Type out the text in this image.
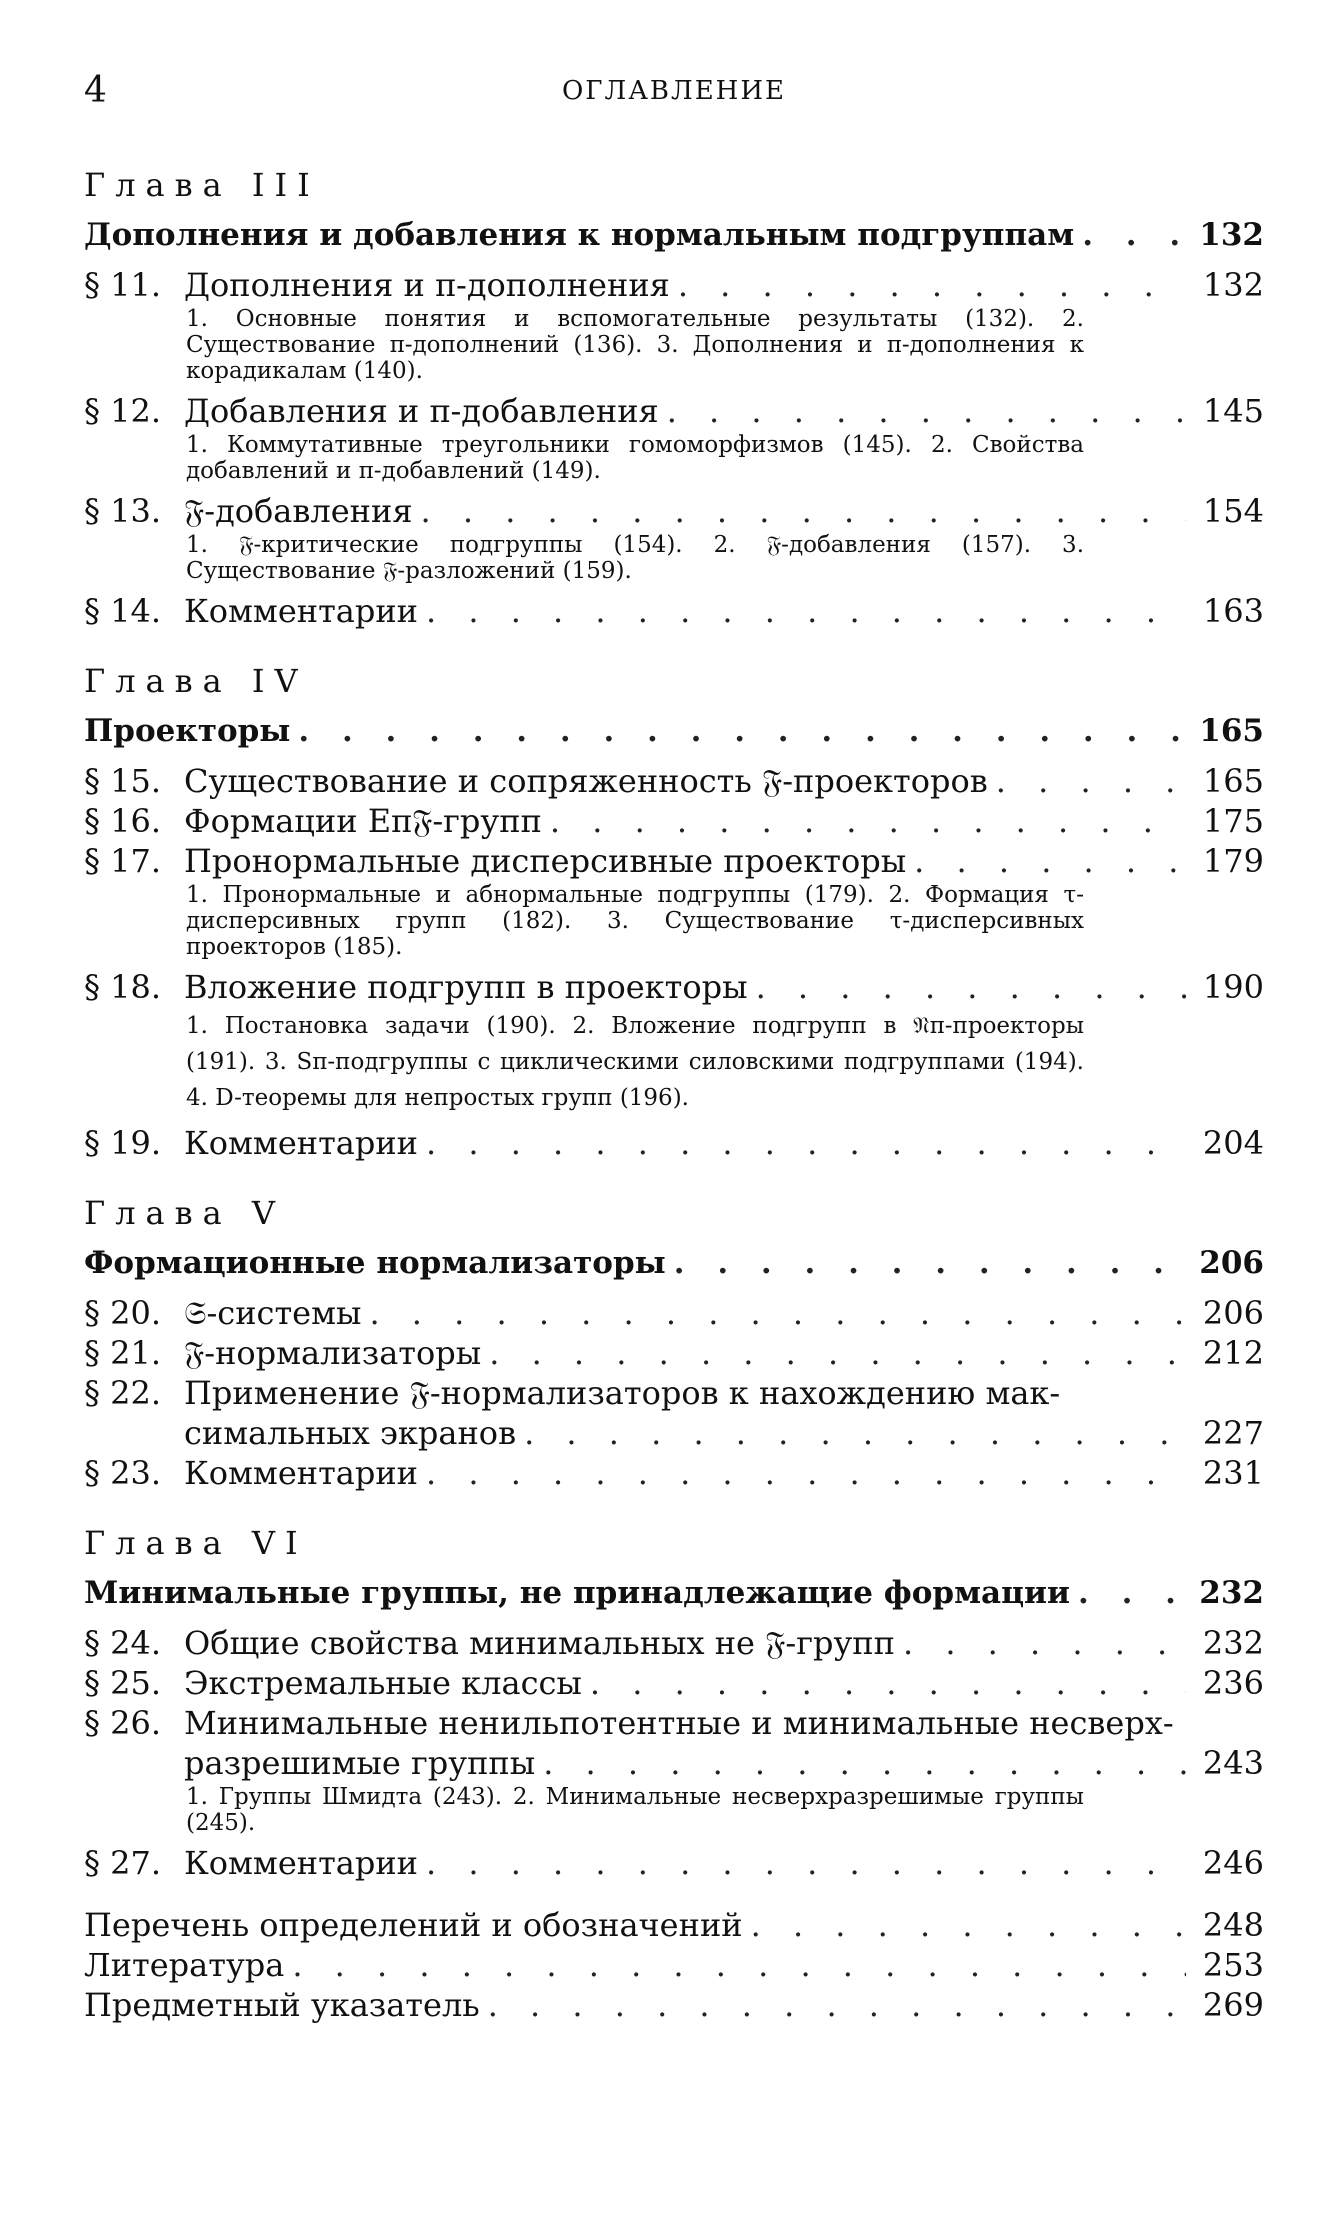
4	ОГЛАВЛЕНИЕ
Глава III
Дополнения и добавления к нормальным подгруппам . . .	132
§ 11. Дополнения и π-дополнения . . .	132
1. Основные понятия и вспомогательные результаты (132). 2. Существование π-дополнений (136). 3. Дополнения и π-дополнения к корадикалам (140).
§ 12. Добавления и π-добавления . . .	145
1. Коммутативные треугольники гомоморфизмов (145). 2. Свойства добавлений и π-добавлений (149).
§ 13. 𝔉-добавления . . .	154
1. 𝔉-критические подгруппы (154). 2. 𝔉-добавления (157). 3. Существование 𝔉-разложений (159).
§ 14. Комментарии . . .	163
Глава IV
Проекторы . . .	165
§ 15. Существование и сопряженность 𝔉-проекторов . . .	165
§ 16. Формации Eπ𝔉-групп . . .	175
§ 17. Пронормальные дисперсивные проекторы . . .	179
1. Пронормальные и абнормальные подгруппы (179). 2. Формация τ-дисперсивных групп (182). 3. Существование τ-дисперсивных проекторов (185).
§ 18. Вложение подгрупп в проекторы . . .	190
1. Постановка задачи (190). 2. Вложение подгрупп в 𝔑π-проекторы (191). 3. Sπ-подгруппы с циклическими силовскими подгруппами (194). 4. D-теоремы для непростых групп (196).
§ 19. Комментарии . . .	204
Глава V
Формационные нормализаторы . . .	206
§ 20. 𝔖-системы . . .	206
§ 21. 𝔉-нормализаторы . . .	212
§ 22. Применение 𝔉-нормализаторов к нахождению мак-
симальных экранов . . .	227
§ 23. Комментарии . . .	231
Глава VI
Минимальные группы, не принадлежащие формации . . .	232
§ 24. Общие свойства минимальных не 𝔉-групп . . .	232
§ 25. Экстремальные классы . . .	236
§ 26. Минимальные ненильпотентные и минимальные несверх-
разрешимые группы . . .	243
1. Группы Шмидта (243). 2. Минимальные несверхразрешимые группы (245).
§ 27. Комментарии . . .	246
Перечень определений и обозначений . . .	248
Литература . . .	253
Предметный указатель . . .	269
